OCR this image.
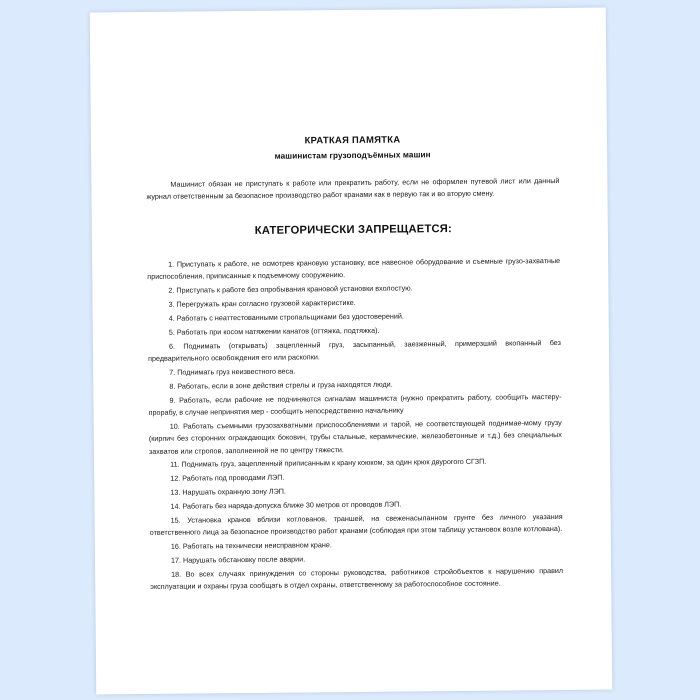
КРАТКАЯ ПАМЯТКА
машинистам грузоподъёмных машин
Машинист обязан не приступать к работе или прекратить работу, если не оформлен путевой лист или данный журнал ответственным за безопасное производство работ кранами как в первую так и во вторую смену.
КАТЕГОРИЧЕСКИ ЗАПРЕЩАЕТСЯ:
1. Приступать к работе, не осмотрев крановую установку, все навесное оборудование и съемные грузо-захватные приспособления, приписанные к подъемному сооружению.
2. Приступать к работе без опробывания крановой установки вхолостую.
3. Перегружать кран согласно грузовой характеристике.
4. Работать с неаттестованными стропальщиками без удостоверений.
5. Работать при косом натяжении канатов (оттяжка, подтяжка).
6. Поднимать (открывать) зацепленный груз, засыпанный, заезженный, примерзший вкопанный без предварительного освобождения его или раскопки.
7. Поднимать груз неизвестного веса.
8. Работать, если в зоне действия стрелы и груза находятся люди.
9. Работать, если рабочие не подчиняются сигналам машиниста (нужно прекратить работу, сообщить мастеру-прорабу, в случае непринятия мер - сообщить непосредственно начальнику
10. Работать съемными грузозахватными приспособлениями и тарой, не соответствующей поднимае-мому грузу (кирпич без сторонних ограждающих боковин, трубы стальные, керамические, железобетонные и т.д.) без специальных захватов или стропов, заполненной не по центру тяжести.
11. Поднимать груз, зацепленный приписанным к крану коюком, за один крюк двурогого СГЗП.
12. Работать под проводами ЛЭП.
13. Нарушать охранную зону ЛЭП.
14. Работать без наряда-допуска ближе 30 метров от проводов ЛЭП.
15. Установка кранов вблизи котлованов, траншей, на свеженасыпанном грунте без личного указания ответственного лица за безопасное производство работ кранами (соблюдая при этом таблицу установок возле котлована).
16. Работать на технически неисправном кране.
17. Нарушать обстановку после аварии.
18. Во всех случаях принуждения со стороны руководства, работников стройобъектов к нарушению правил эксплуатации и охраны груза сообщать в отдел охраны, ответственному за работоспособное состояние.
